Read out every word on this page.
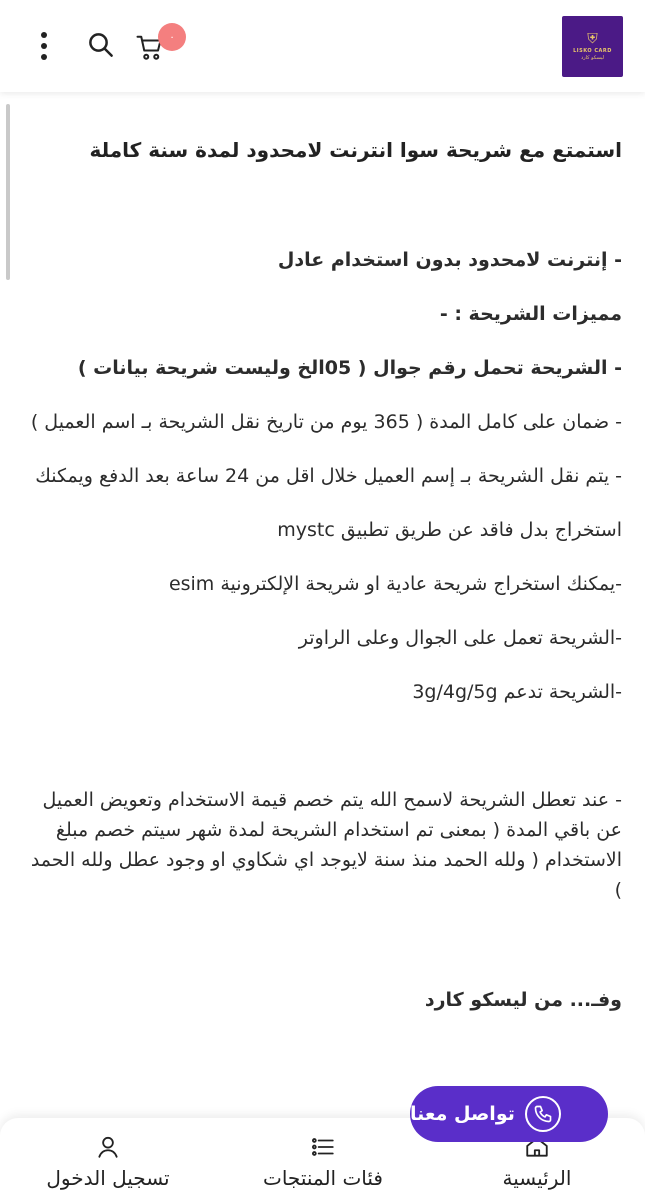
⛨
LISKO CARD
ليسكو كارد
٠

استمتع مع شريحة سوا انترنت لامحدود لمدة سنة كاملة

- إنترنت لامحدود بدون استخدام عادل

مميزات الشريحة : -

- الشريحة تحمل رقم جوال ( 05الخ وليست شريحة بيانات )

- ضمان على كامل المدة ( 365 يوم من تاريخ نقل الشريحة بـ اسم العميل )

- يتم نقل الشريحة بـ إسم العميل خلال اقل من 24 ساعة بعد الدفع ويمكنك

استخراج بدل فاقد عن طريق تطبيق mystc

-يمكنك استخراج شريحة عادية او شريحة الإلكترونية esim

-الشريحة تعمل على الجوال وعلى الراوتر

-الشريحة تدعم 3g/4g/5g

- عند تعطل الشريحة لاسمح الله يتم خصم قيمة الاستخدام وتعويض العميل عن باقي المدة ( بمعنى تم استخدام الشريحة لمدة شهر سيتم خصم مبلغ الاستخدام ( ولله الحمد منذ سنة لايوجد اي شكاوي او وجود عطل ولله الحمد )

وفـ... من ليسكو كارد

الرئيسية
فئات المنتجات
تسجيل الدخول
تواصل معنا
